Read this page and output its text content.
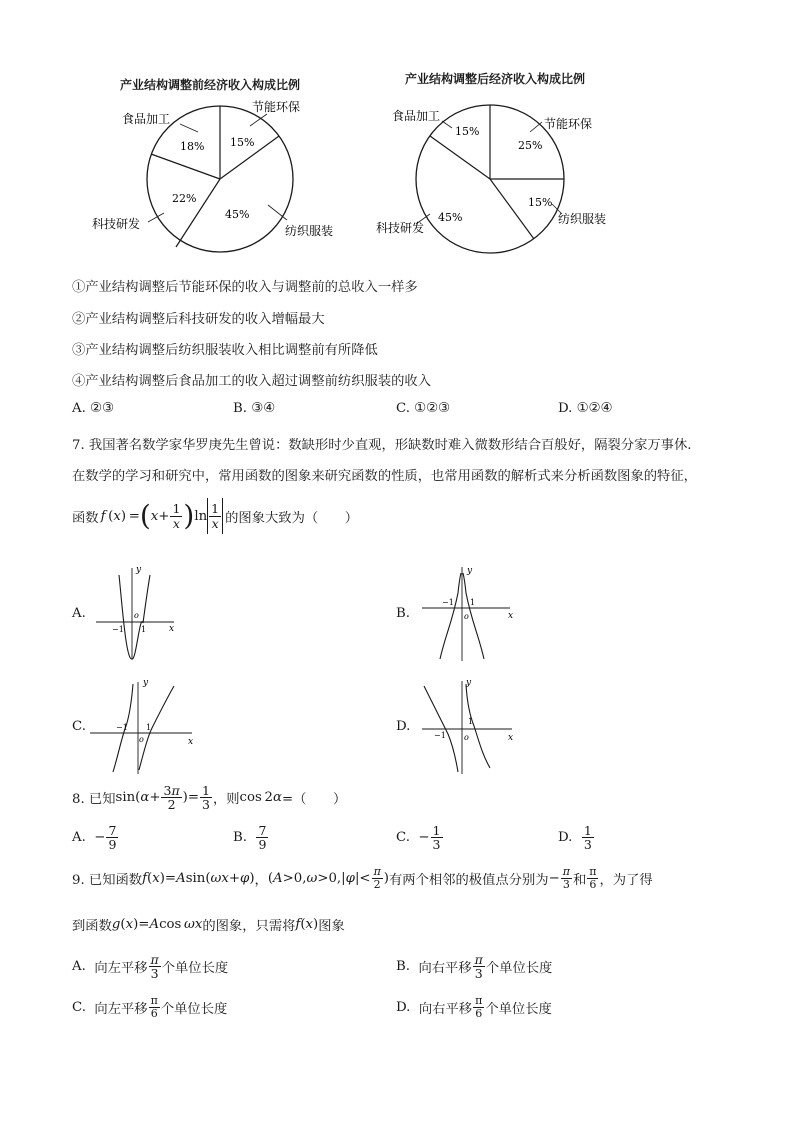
产业结构调整前经济收入构成比例
食品加工
节能环保
科技研发	纺织服装
18% 15%
22%
45%
产业结构调整后经济收入构成比例
食品加工
节能环保
科技研发
纺织服装
15%
25%
45%
15%
①产业结构调整后节能环保的收入与调整前的总收入一样多
②产业结构调整后科技研发的收入增幅最大
③产业结构调整后纺织服装收入相比调整前有所降低
④产业结构调整后食品加工的收入超过调整前纺织服装的收入
A. ②③	B. ③④	C. ①②③	D. ①②④
7. 我国著名数学家华罗庚先生曾说：数缺形时少直观，形缺数时难入微数形结合百般好，隔裂分家万事休.
在数学的学习和研究中，常用函数的图象来研究函数的性质，也常用函数的解析式来分析函数图象的特征，
函数 f  ( x ) = ( $x + \frac{1}{x}$ ) $\ln \frac{1}{x}$ 的图象大致为（　　）
A.	B.
C.	D.
y
x
o
−1 1
y
x
o
−1 1
y
x
o
−1 1
y
x
o
−1
1
8. 已知 sin( $\alpha + \frac{3\pi}{2}$ )= $\frac{1}{3}$ ，则 cos 2α =（　　）
A. − $\frac{7}{9}$	B.
$\frac{7}{9}$	C. − $\frac{1}{3}$	D.
$\frac{1}{3}$
9. 已知函数 f(x)=Asin(ωx+φ) ， ( A >0, ω >0,| φ |< $\frac{\pi}{2}$ ) 有两个相邻的极值点分别为 − $\frac{\pi}{3}$ 和 $\frac{\pi}{6}$ ，为了得
到函数 g(x)=Acos ωx 的图象，只需将 f(x) 图象
A.
向左平移 $\frac{\pi}{3}$ 个单位长度	B.
向右平移 $\frac{\pi}{3}$ 个单位长度
C.
向左平移 $\frac{\pi}{6}$ 个单位长度	D.
向右平移 $\frac{\pi}{6}$ 个单位长度
